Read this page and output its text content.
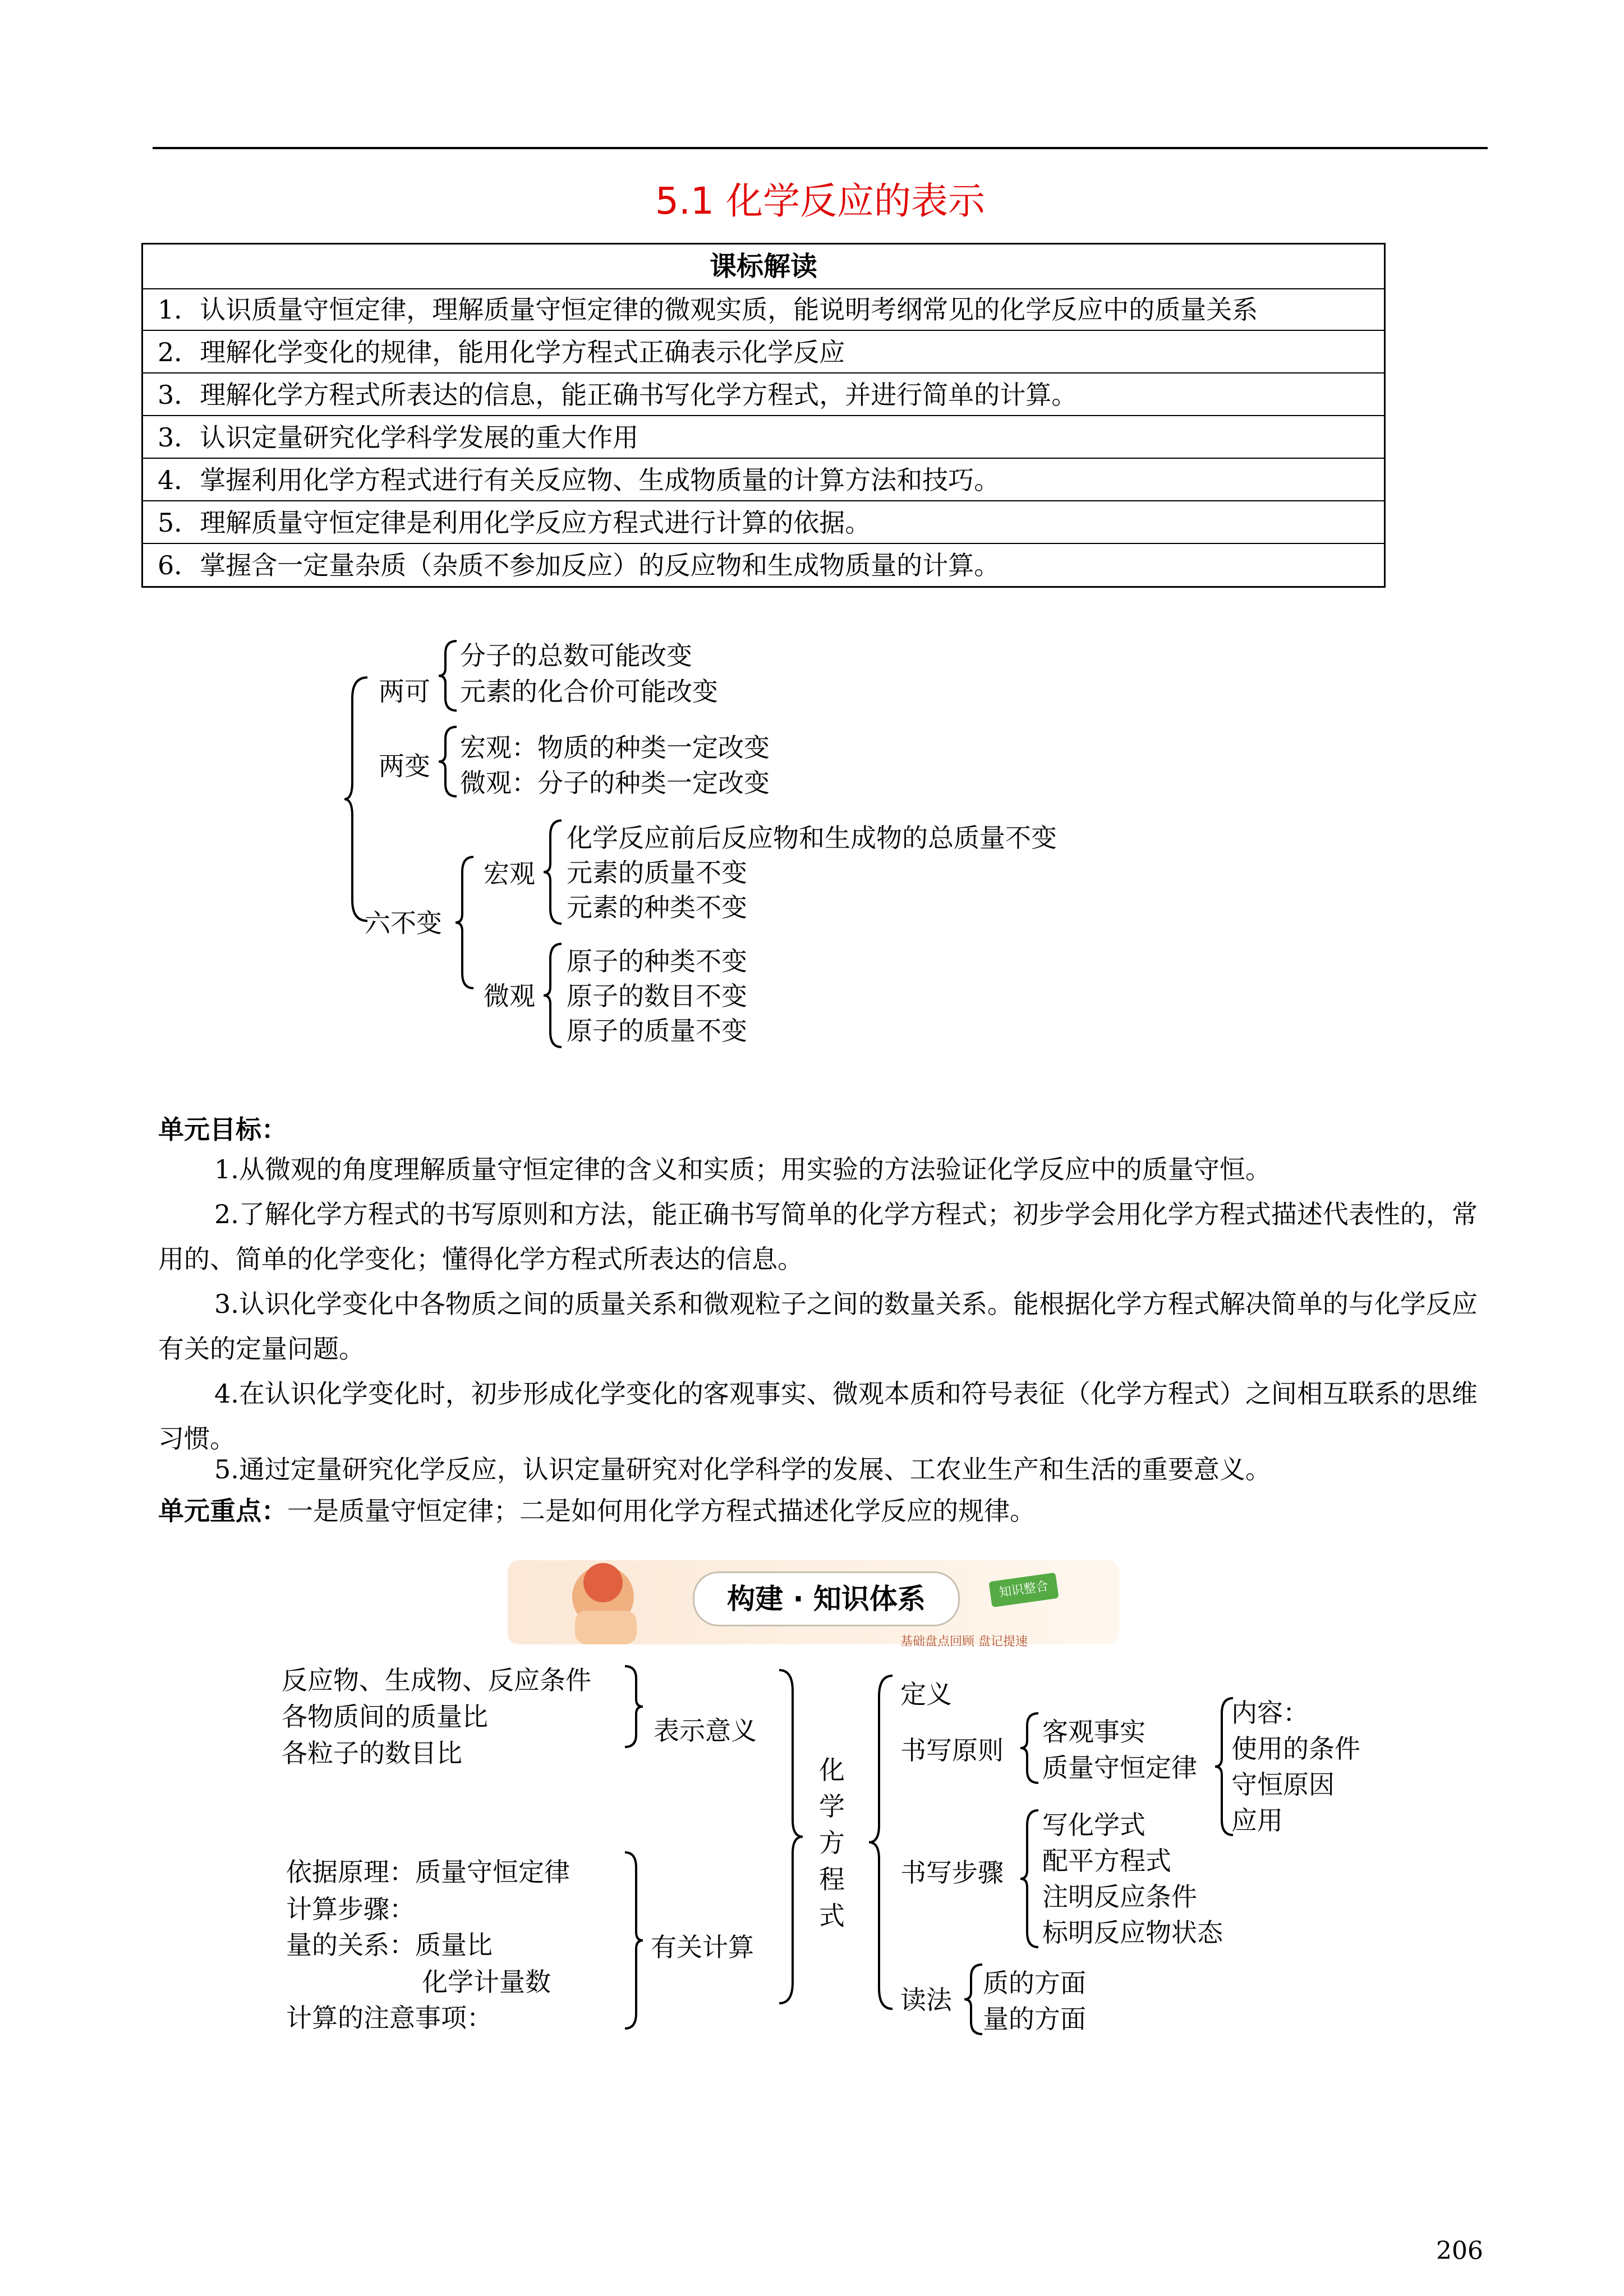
5.1 化学反应的表示
课标解读
1．认识质量守恒定律，理解质量守恒定律的微观实质，能说明考纲常见的化学反应中的质量关系
2．理解化学变化的规律，能用化学方程式正确表示化学反应
3．理解化学方程式所表达的信息，能正确书写化学方程式，并进行简单的计算。
3．认识定量研究化学科学发展的重大作用
4．掌握利用化学方程式进行有关反应物、生成物质量的计算方法和技巧。
5．理解质量守恒定律是利用化学反应方程式进行计算的依据。
6．掌握含一定量杂质（杂质不参加反应）的反应物和生成物质量的计算。
两可
分子的总数可能改变
元素的化合价可能改变
两变
宏观：物质的种类一定改变
微观：分子的种类一定改变
六不变
宏观
化学反应前后反应物和生成物的总质量不变
元素的质量不变
元素的种类不变
微观
原子的种类不变
原子的数目不变
原子的质量不变
单元目标：
1.从微观的角度理解质量守恒定律的含义和实质；用实验的方法验证化学反应中的质量守恒。
2.了解化学方程式的书写原则和方法，能正确书写简单的化学方程式；初步学会用化学方程式描述代表性的，常用的、简单的化学变化；懂得化学方程式所表达的信息。
3.认识化学变化中各物质之间的质量关系和微观粒子之间的数量关系。能根据化学方程式解决简单的与化学反应有关的定量问题。
4.在认识化学变化时，初步形成化学变化的客观事实、微观本质和符号表征（化学方程式）之间相互联系的思维习惯。
5.通过定量研究化学反应，认识定量研究对化学科学的发展、工农业生产和生活的重要意义。
单元重点：一是质量守恒定律；二是如何用化学方程式描述化学反应的规律。
构建 · 知识体系	知识整合
基础盘点回顾 盘记提速
反应物、生成物、反应条件
各物质间的质量比
各粒子的数目比
表示意义
依据原理：质量守恒定律
计算步骤：
量的关系：质量比
化学计量数
计算的注意事项：
有关计算
化
学
方
程
式
定义
书写原则
客观事实
质量守恒定律
内容：
使用的条件
守恒原因
应用
书写步骤
写化学式
配平方程式
注明反应条件
标明反应物状态
读法
质的方面
量的方面
206
